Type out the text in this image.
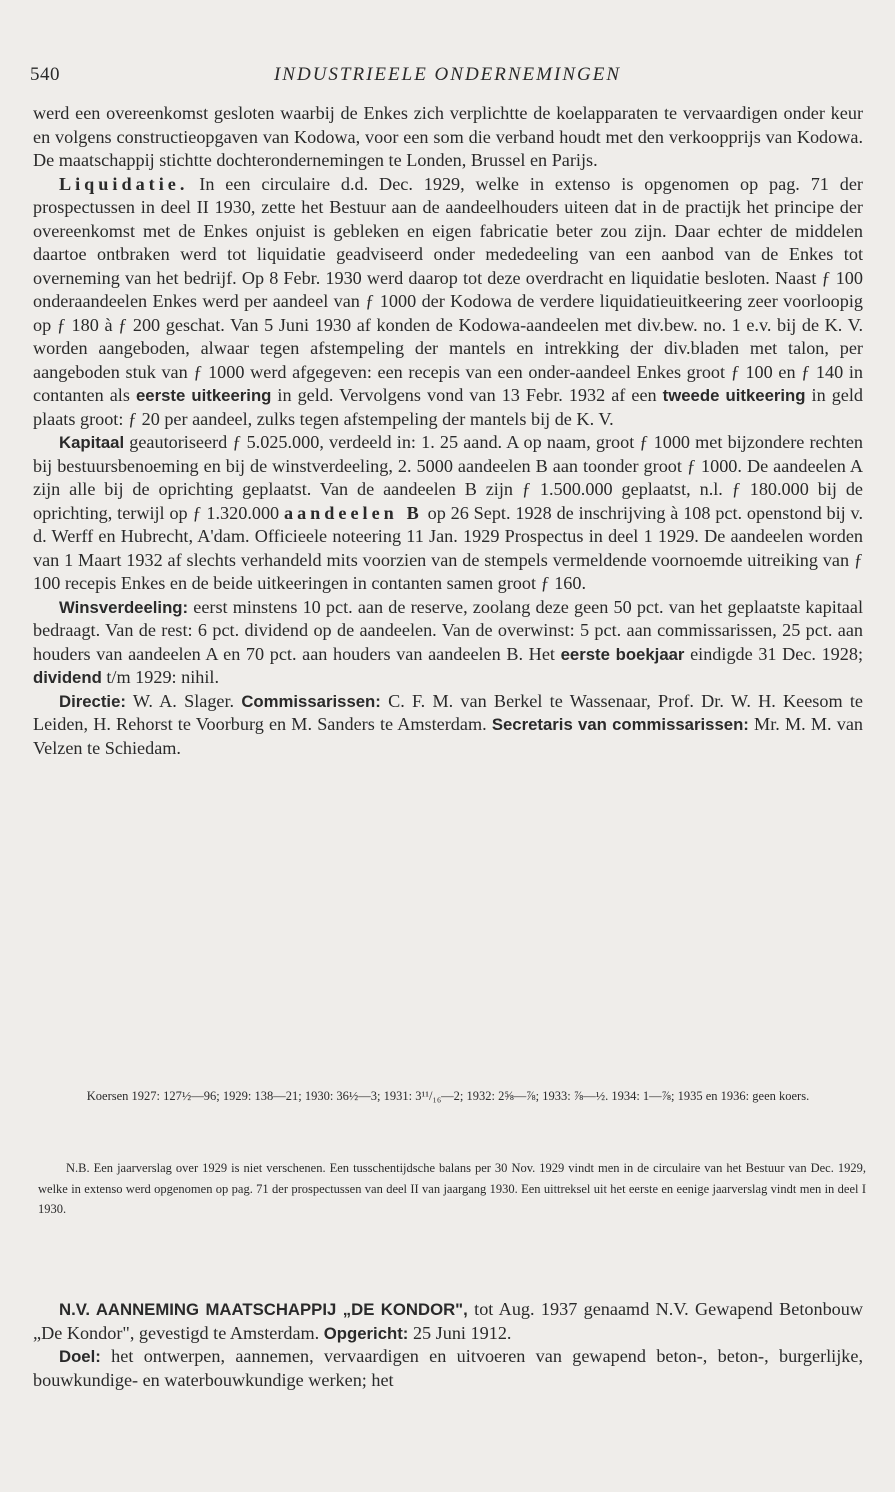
540	INDUSTRIEELE ONDERNEMINGEN

werd een overeenkomst gesloten waarbij de Enkes zich verplichtte de koelapparaten te vervaardigen onder keur en volgens constructieopgaven van Kodowa, voor een som die verband houdt met den verkoopprijs van Kodowa. De maatschappij stichtte dochterondernemingen te Londen, Brussel en Parijs.

Liquidatie. In een circulaire d.d. Dec. 1929, welke in extenso is opgenomen op pag. 71 der prospectussen in deel II 1930, zette het Bestuur aan de aandeelhouders uiteen dat in de practijk het principe der overeenkomst met de Enkes onjuist is gebleken en eigen fabricatie beter zou zijn. Daar echter de middelen daartoe ontbraken werd tot liquidatie geadviseerd onder mededeeling van een aanbod van de Enkes tot overneming van het bedrijf. Op 8 Febr. 1930 werd daarop tot deze overdracht en liquidatie besloten. Naast ƒ 100 onderaandeelen Enkes werd per aandeel van ƒ 1000 der Kodowa de verdere liquidatieuitkeering zeer voorloopig op ƒ 180 à ƒ 200 geschat. Van 5 Juni 1930 af konden de Kodowa-aandeelen met div.bew. no. 1 e.v. bij de K. V. worden aangeboden, alwaar tegen afstempeling der mantels en intrekking der div.bladen met talon, per aangeboden stuk van ƒ 1000 werd afgegeven: een recepis van een onder-aandeel Enkes groot ƒ 100 en ƒ 140 in contanten als eerste uitkeering in geld. Vervolgens vond van 13 Febr. 1932 af een tweede uitkeering in geld plaats groot: ƒ 20 per aandeel, zulks tegen afstempeling der mantels bij de K. V.

Kapitaal geautoriseerd ƒ 5.025.000, verdeeld in: 1. 25 aand. A op naam, groot ƒ 1000 met bijzondere rechten bij bestuursbenoeming en bij de winstverdeeling, 2. 5000 aandeelen B aan toonder groot ƒ 1000. De aandeelen A zijn alle bij de oprichting geplaatst. Van de aandeelen B zijn ƒ 1.500.000 geplaatst, n.l. ƒ 180.000 bij de oprichting, terwijl op ƒ 1.320.000 aandeelen B op 26 Sept. 1928 de inschrijving à 108 pct. openstond bij v. d. Werff en Hubrecht, A'dam. Officieele noteering 11 Jan. 1929 Prospectus in deel 1 1929. De aandeelen worden van 1 Maart 1932 af slechts verhandeld mits voorzien van de stempels vermeldende voornoemde uitreiking van ƒ 100 recepis Enkes en de beide uitkeeringen in contanten samen groot ƒ 160.

Winsverdeeling: eerst minstens 10 pct. aan de reserve, zoolang deze geen 50 pct. van het geplaatste kapitaal bedraagt. Van de rest: 6 pct. dividend op de aandeelen. Van de overwinst: 5 pct. aan commissarissen, 25 pct. aan houders van aandeelen A en 70 pct. aan houders van aandeelen B. Het eerste boekjaar eindigde 31 Dec. 1928; dividend t/m 1929: nihil.

Directie: W. A. Slager. Commissarissen: C. F. M. van Berkel te Wassenaar, Prof. Dr. W. H. Keesom te Leiden, H. Rehorst te Voorburg en M. Sanders te Amsterdam. Secretaris van commissarissen: Mr. M. M. van Velzen te Schiedam.

Koersen 1927: 127½—96; 1929: 138—21; 1930: 36½—3; 1931: 3¹¹/₁₆—2; 1932: 2⅝—⅞; 1933: ⅞—½. 1934: 1—⅞; 1935 en 1936: geen koers.
N.B. Een jaarverslag over 1929 is niet verschenen. Een tusschentijdsche balans per 30 Nov. 1929 vindt men in de circulaire van het Bestuur van Dec. 1929, welke in extenso werd opgenomen op pag. 71 der prospectussen van deel II van jaargang 1930. Een uittreksel uit het eerste en eenige jaarverslag vindt men in deel I 1930.

N.V. AANNEMING MAATSCHAPPIJ „DE KONDOR", tot Aug. 1937 genaamd N.V. Gewapend Betonbouw „De Kondor", gevestigd te Amsterdam. Opgericht: 25 Juni 1912.

Doel: het ontwerpen, aannemen, vervaardigen en uitvoeren van gewapend beton-, beton-, burgerlijke, bouwkundige- en waterbouwkundige werken; het
